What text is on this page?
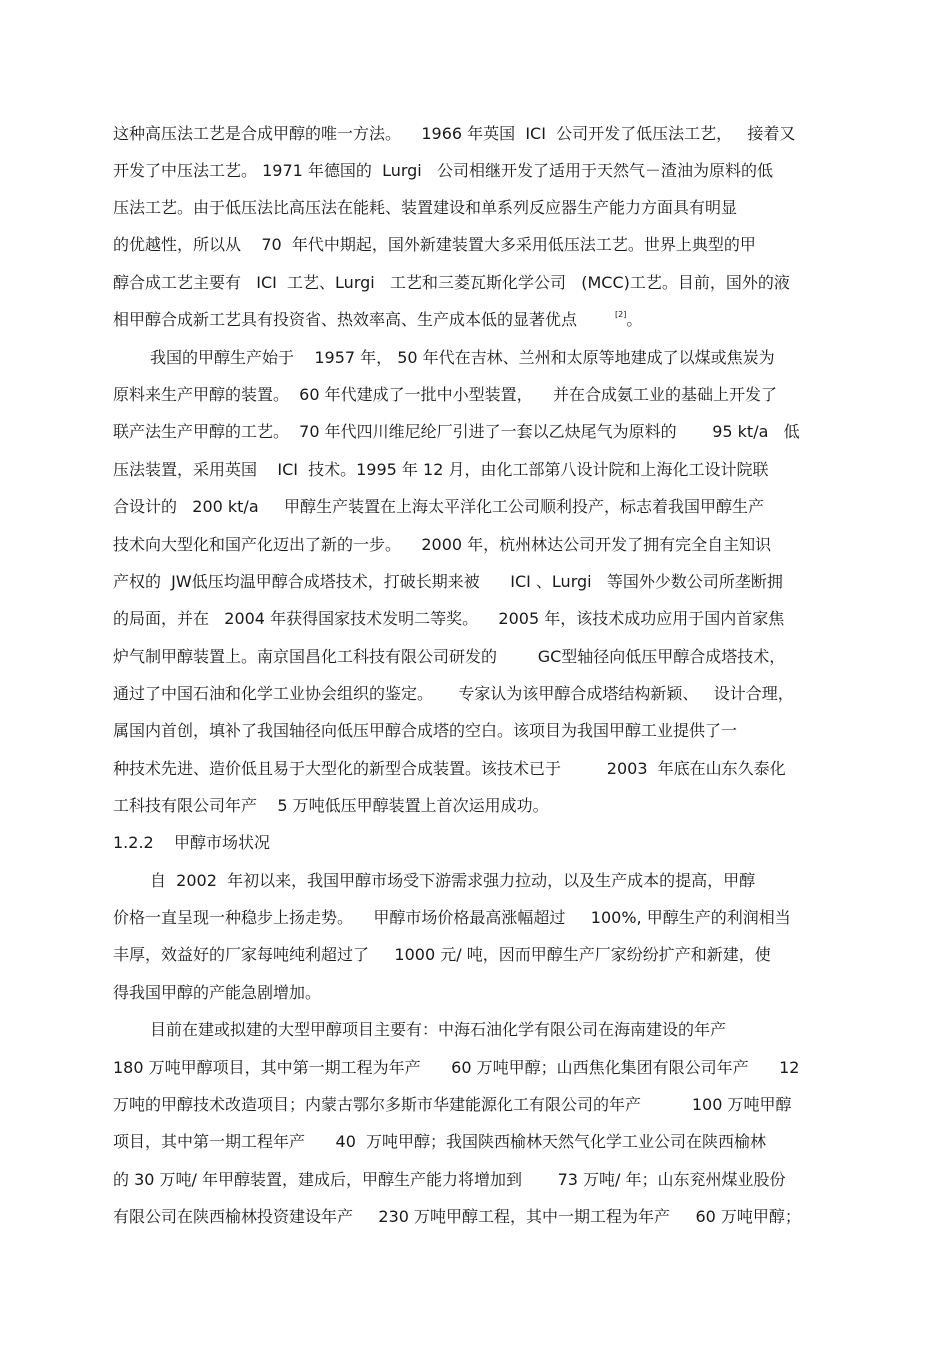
这种高压法工艺是合成甲醇的唯一方法。    1966 年英国  ICI  公司开发了低压法工艺，   接着又

开发了中压法工艺。 1971 年德国的  Lurgi   公司相继开发了适用于天然气－渣油为原料的低

压法工艺。由于低压法比高压法在能耗、装置建设和单系列反应器生产能力方面具有明显

的优越性，所以从    70  年代中期起，国外新建装置大多采用低压法工艺。世界上典型的甲

醇合成工艺主要有   ICI  工艺、Lurgi   工艺和三菱瓦斯化学公司   (MCC)工艺。目前，国外的液

相甲醇合成新工艺具有投资省、热效率高、生产成本低的显著优点	[2]。

我国的甲醇生产始于    1957 年， 50 年代在吉林、兰州和太原等地建成了以煤或焦炭为

原料来生产甲醇的装置。  60 年代建成了一批中小型装置，    并在合成氨工业的基础上开发了

联产法生产甲醇的工艺。  70 年代四川维尼纶厂引进了一套以乙炔尾气为原料的       95 kt/a   低

压法装置，采用英国    ICI  技术。1995 年 12 月，由化工部第八设计院和上海化工设计院联

合设计的   200 kt/a     甲醇生产装置在上海太平洋化工公司顺利投产，标志着我国甲醇生产

技术向大型化和国产化迈出了新的一步。    2000 年，杭州林达公司开发了拥有完全自主知识

产权的  JW低压均温甲醇合成塔技术，打破长期来被      ICI 、Lurgi   等国外少数公司所垄断拥

的局面，并在   2004 年获得国家技术发明二等奖。    2005 年，该技术成功应用于国内首家焦

炉气制甲醇装置上。南京国昌化工科技有限公司研发的        GC型轴径向低压甲醇合成塔技术，

通过了中国石油和化学工业协会组织的鉴定。     专家认为该甲醇合成塔结构新颖、   设计合理，

属国内首创，填补了我国轴径向低压甲醇合成塔的空白。该项目为我国甲醇工业提供了一

种技术先进、造价低且易于大型化的新型合成装置。该技术已于         2003  年底在山东久泰化

工科技有限公司年产    5 万吨低压甲醇装置上首次运用成功。

1.2.2    甲醇市场状况

自  2002  年初以来，我国甲醇市场受下游需求强力拉动，以及生产成本的提高，甲醇

价格一直呈现一种稳步上扬走势。    甲醇市场价格最高涨幅超过     100%, 甲醇生产的利润相当

丰厚，效益好的厂家每吨纯利超过了     1000 元/ 吨，因而甲醇生产厂家纷纷扩产和新建，使

得我国甲醇的产能急剧增加。

目前在建或拟建的大型甲醇项目主要有：中海石油化学有限公司在海南建设的年产

180 万吨甲醇项目，其中第一期工程为年产      60 万吨甲醇；山西焦化集团有限公司年产      12

万吨的甲醇技术改造项目；内蒙古鄂尔多斯市华建能源化工有限公司的年产          100 万吨甲醇

项目，其中第一期工程年产      40  万吨甲醇；我国陕西榆林天然气化学工业公司在陕西榆林

的 30 万吨/ 年甲醇装置，建成后，甲醇生产能力将增加到       73 万吨/ 年；山东兖州煤业股份

有限公司在陕西榆林投资建设年产     230 万吨甲醇工程，其中一期工程为年产     60 万吨甲醇；
